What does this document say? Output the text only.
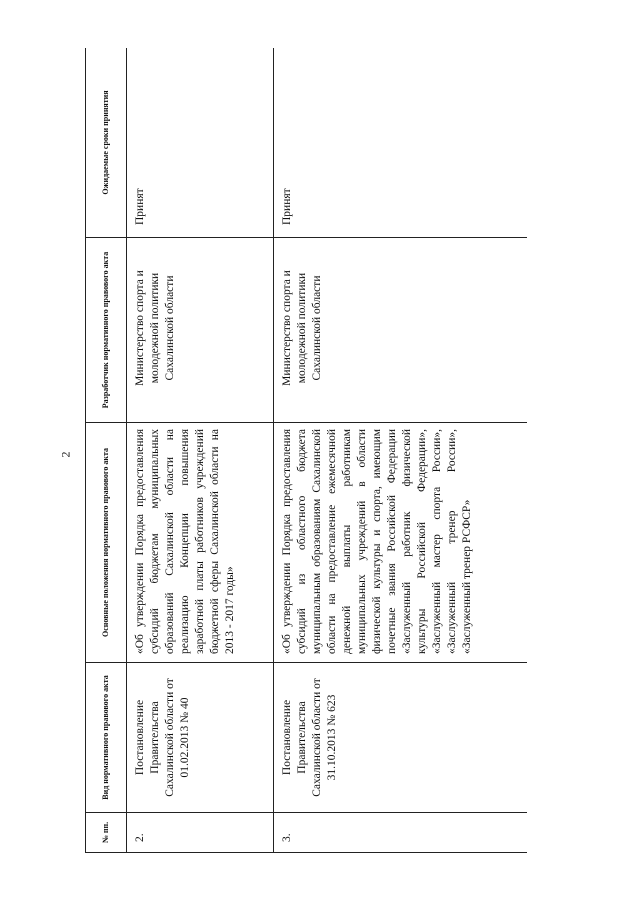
2
№ пп.	Вид нормативного правового акта	Основные положения нормативного правового акта	Разработчик нормативного правового акта	Ожидаемые сроки принятия
2.	Постановление Правительства Сахалинской области от 01.02.2013 № 40	«Об утверждении Порядка предоставления субсидий бюджетам муниципальных образований Сахалинской области на реализацию Концепции повышения заработной платы работников учреждений бюджетной сферы Сахалинской области на 2013 - 2017 годы»	Министерство спорта и молодежной политики Сахалинской области	Принят
3.	Постановление Правительства Сахалинской области от 31.10.2013 № 623	«Об утверждении Порядка предоставления субсидий из областного бюджета муниципальным образованиям Сахалинской области на предоставление ежемесячной денежной выплаты работникам муниципальных учреждений в области физической культуры и спорта, имеющим почетные звания Российской Федерации «Заслуженный работник физической культуры Российской Федерации», «Заслуженный мастер спорта России», «Заслуженный тренер России», «Заслуженный тренер РСФСР»	Министерство спорта и молодежной политики Сахалинской области	Принят
